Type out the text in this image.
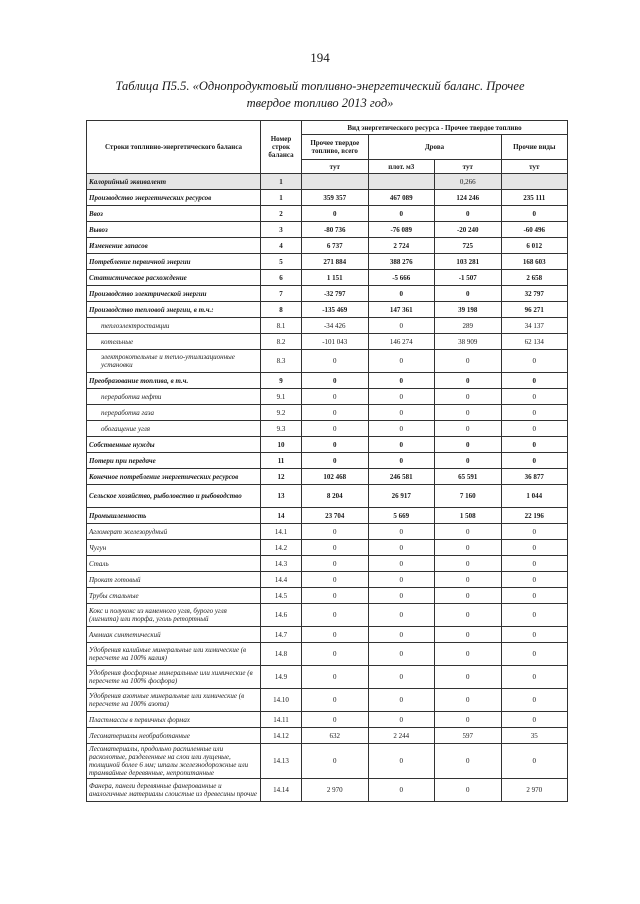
194
Таблица П5.5. «Однопродуктовый топливно-энергетический баланс. Прочее
твердое топливо 2013 год»
Строки топливно-энергетического баланса	Номер строк баланса	Вид энергетического ресурса - Прочее твердое топливо			
		Прочее твердое топливо, всего	Дрова		Прочие виды
		тут	плот. м3	тут	тут
Калорийный эквивалент	1			0,266	
Производство энергетических ресурсов	1	359 357	467 089	124 246	235 111
Ввоз	2	0	0	0	0
Вывоз	3	-80 736	-76 089	-20 240	-60 496
Изменение запасов	4	6 737	2 724	725	6 012
Потребление первичной энергии	5	271 884	388 276	103 281	168 603
Статистическое расхождение	6	1 151	-5 666	-1 507	2 658
Производство электрической энергии	7	-32 797	0	0	32 797
Производство тепловой энергии, в т.ч.:	8	-135 469	147 361	39 198	96 271
теплоэлектростанции	8.1	-34 426	0	289	34 137
котельные	8.2	-101 043	146 274	38 909	62 134
электрокотельные и тепло-утилизационные установки	8.3	0	0	0	0
Преобразование топлива, в т.ч.	9	0	0	0	0
переработка нефти	9.1	0	0	0	0
переработка газа	9.2	0	0	0	0
обогащение угля	9.3	0	0	0	0
Собственные нужды	10	0	0	0	0
Потери при передаче	11	0	0	0	0
Конечное потребление энергетических ресурсов	12	102 468	246 581	65 591	36 877
Сельское хозяйство, рыболовство и рыбоводство	13	8 204	26 917	7 160	1 044
Промышленность	14	23 704	5 669	1 508	22 196
Агломерат железорудный	14.1	0	0	0	0
Чугун	14.2	0	0	0	0
Сталь	14.3	0	0	0	0
Прокат готовый	14.4	0	0	0	0
Трубы стальные	14.5	0	0	0	0
Кокс и полукокс из каменного угля, бурого угля (лигнита) или торфа, уголь ретортный	14.6	0	0	0	0
Аммиак синтетический	14.7	0	0	0	0
Удобрения калийные минеральные или химические (в пересчете на 100% калия)	14.8	0	0	0	0
Удобрения фосфорные минеральные или химические (в пересчете на 100% фосфора)	14.9	0	0	0	0
Удобрения азотные минеральные или химические (в пересчете на 100% азота)	14.10	0	0	0	0
Пластмассы в первичных формах	14.11	0	0	0	0
Лесоматериалы необработанные	14.12	632	2 244	597	35
Лесоматериалы, продольно распиленные или расколотые, разделенные на слои или лущеные, толщиной более 6 мм; шпалы железнодорожные или трамвайные деревянные, непропитанные	14.13	0	0	0	0
Фанера, панели деревянные фанерованные и аналогичные материалы слоистые из древесины прочие	14.14	2 970	0	0	2 970
